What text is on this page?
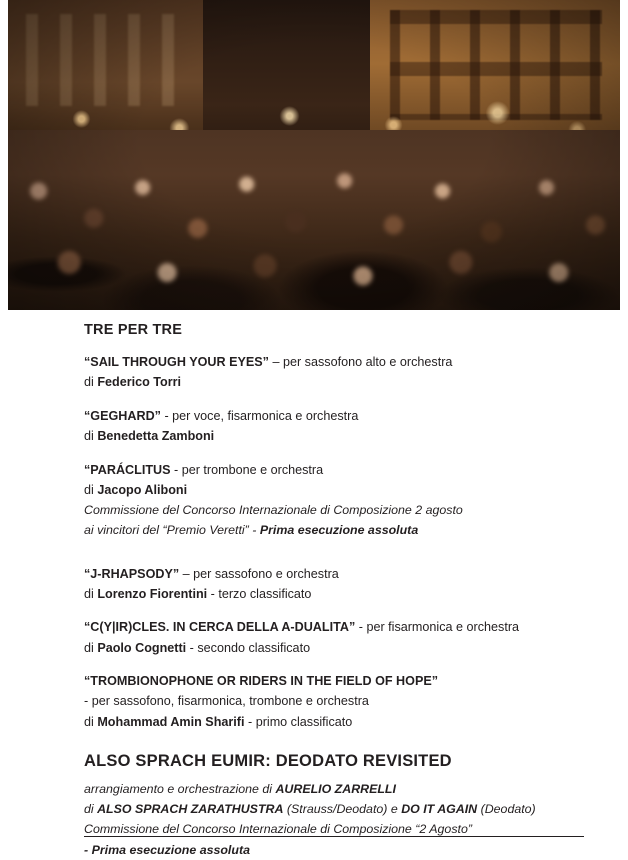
TRE PER TRE
“SAIL THROUGH YOUR EYES” – per sassofono alto e orchestra
di Federico Torri
“GEGHARD” - per voce, fisarmonica e orchestra
di Benedetta Zamboni
“PARÁCLITUS - per trombone e orchestra
di Jacopo Aliboni
Commissione del Concorso Internazionale di Composizione 2 agosto
ai vincitori del “Premio Veretti” - Prima esecuzione assoluta
“J-RHAPSODY” – per sassofono e orchestra
di Lorenzo Fiorentini - terzo classificato
“C(Y|IR)CLES. IN CERCA DELLA A-DUALITA” - per fisarmonica e orchestra
di Paolo Cognetti - secondo classificato
“TROMBIONOPHONE OR RIDERS IN THE FIELD OF HOPE”
- per sassofono, fisarmonica, trombone e orchestra
di Mohammad Amin Sharifi - primo classificato
ALSO SPRACH EUMIR: DEODATO REVISITED
arrangiamento e orchestrazione di AURELIO ZARRELLI
di ALSO SPRACH ZARATHUSTRA (Strauss/Deodato) e DO IT AGAIN (Deodato)
Commissione del Concorso Internazionale di Composizione “2 Agosto”
- Prima esecuzione assoluta
